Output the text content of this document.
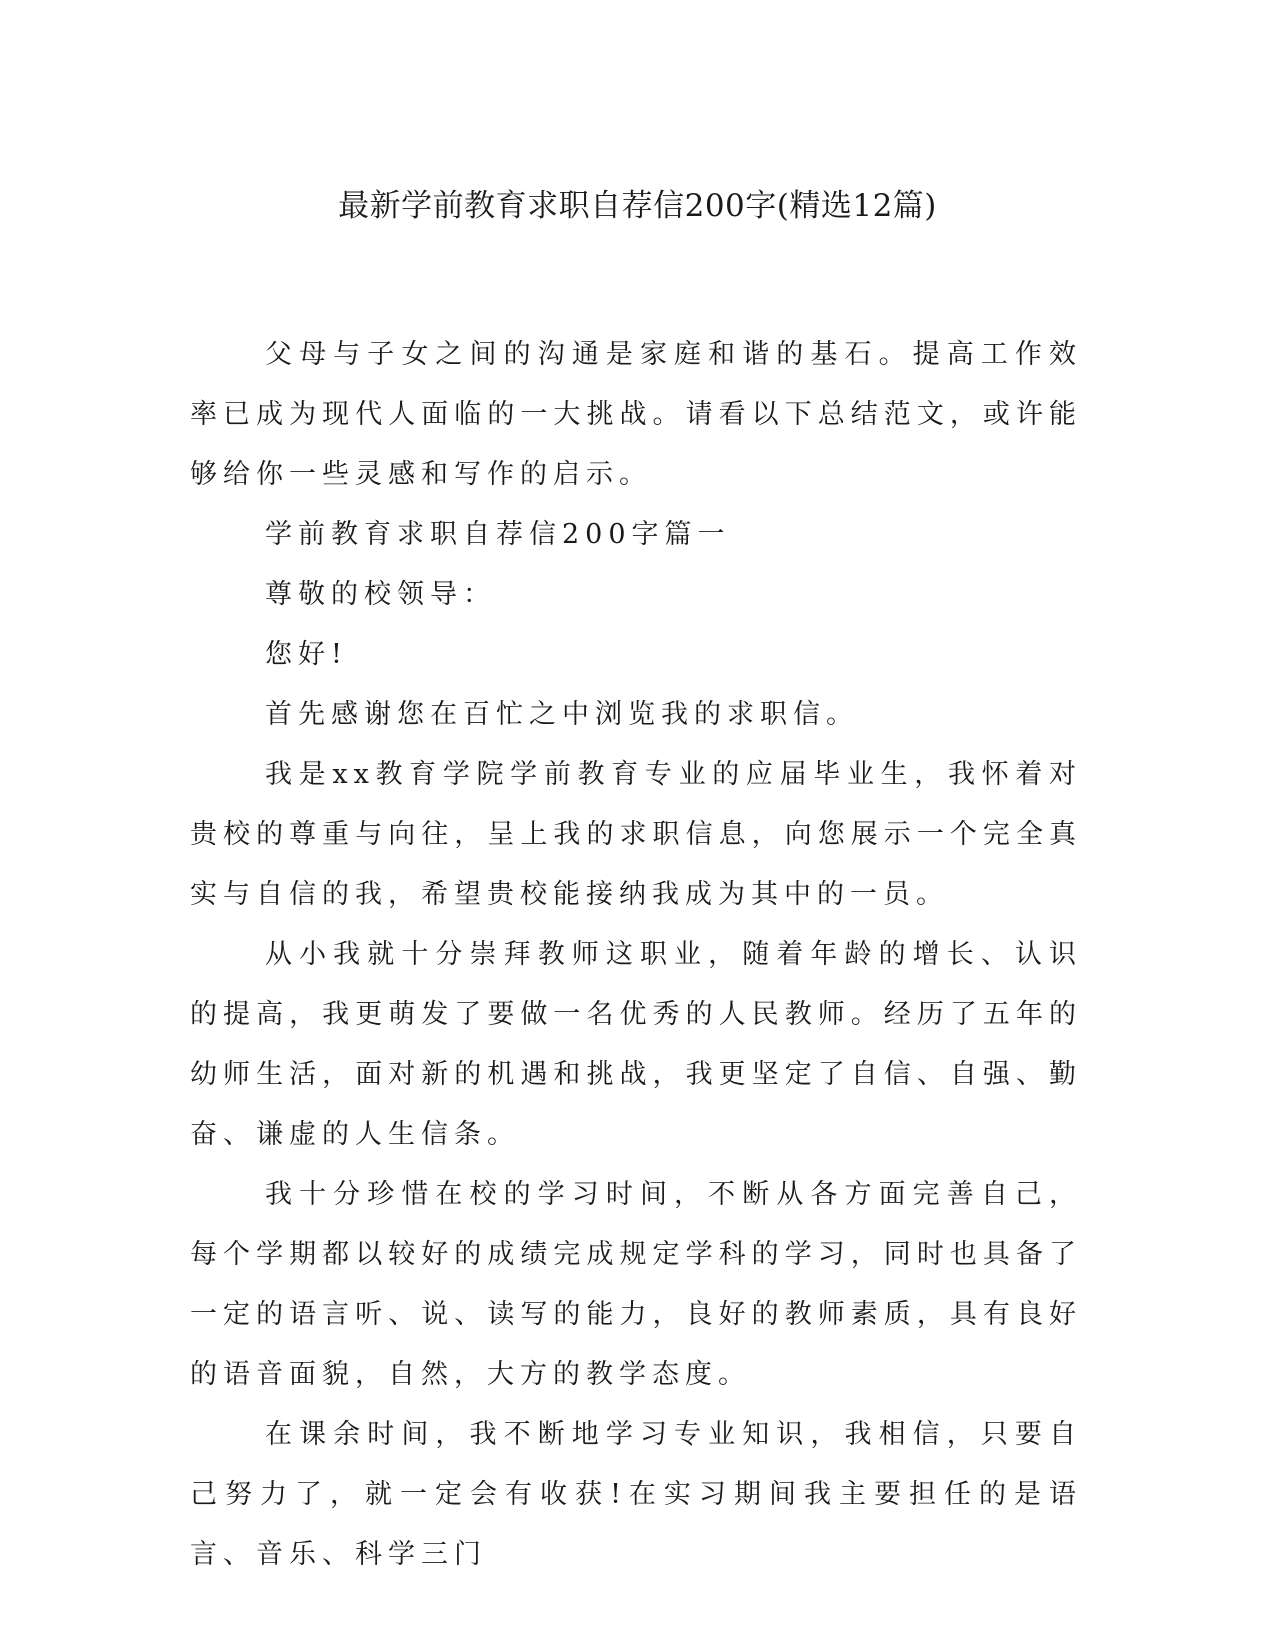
最新学前教育求职自荐信200字(精选12篇)

父母与子女之间的沟通是家庭和谐的基石。提高工作效率已成为现代人面临的一大挑战。请看以下总结范文，或许能够给你一些灵感和写作的启示。

学前教育求职自荐信200字篇一

尊敬的校领导：

您好!

首先感谢您在百忙之中浏览我的求职信。

我是xx教育学院学前教育专业的应届毕业生，我怀着对贵校的尊重与向往，呈上我的求职信息，向您展示一个完全真实与自信的我，希望贵校能接纳我成为其中的一员。

从小我就十分崇拜教师这职业，随着年龄的增长、认识的提高，我更萌发了要做一名优秀的人民教师。经历了五年的幼师生活，面对新的机遇和挑战，我更坚定了自信、自强、勤奋、谦虚的人生信条。

我十分珍惜在校的学习时间，不断从各方面完善自己，每个学期都以较好的成绩完成规定学科的学习，同时也具备了一定的语言听、说、读写的能力，良好的教师素质，具有良好的语音面貌，自然，大方的教学态度。

在课余时间，我不断地学习专业知识，我相信，只要自己努力了，就一定会有收获!在实习期间我主要担任的是语言、音乐、科学三门
